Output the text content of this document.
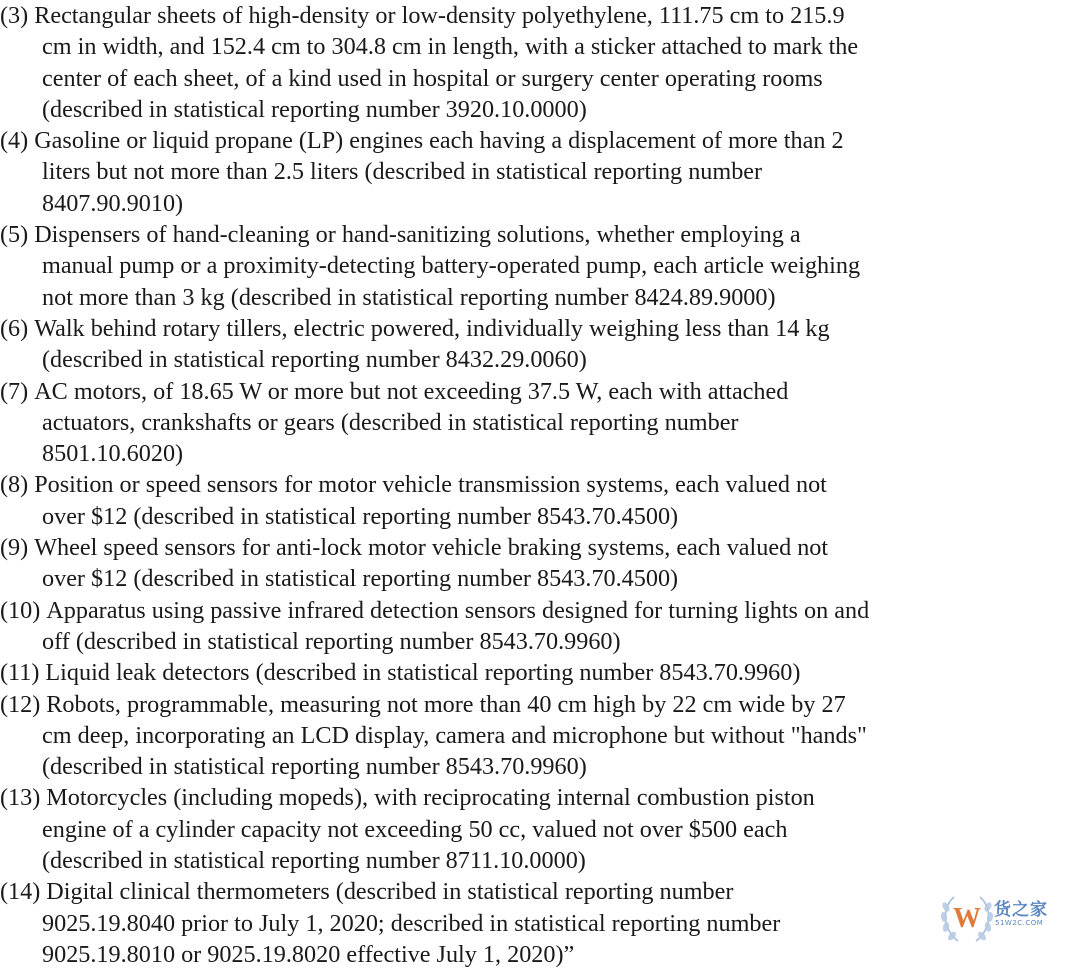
(3) Rectangular sheets of high-density or low-density polyethylene, 111.75 cm to 215.9
cm in width, and 152.4 cm to 304.8 cm in length, with a sticker attached to mark the
center of each sheet, of a kind used in hospital or surgery center operating rooms
(described in statistical reporting number 3920.10.0000)
(4) Gasoline or liquid propane (LP) engines each having a displacement of more than 2
liters but not more than 2.5 liters (described in statistical reporting number
8407.90.9010)
(5) Dispensers of hand-cleaning or hand-sanitizing solutions, whether employing a
manual pump or a proximity-detecting battery-operated pump, each article weighing
not more than 3 kg (described in statistical reporting number 8424.89.9000)
(6) Walk behind rotary tillers, electric powered, individually weighing less than 14 kg
(described in statistical reporting number 8432.29.0060)
(7) AC motors, of 18.65 W or more but not exceeding 37.5 W, each with attached
actuators, crankshafts or gears (described in statistical reporting number
8501.10.6020)
(8) Position or speed sensors for motor vehicle transmission systems, each valued not
over $12 (described in statistical reporting number 8543.70.4500)
(9) Wheel speed sensors for anti-lock motor vehicle braking systems, each valued not
over $12 (described in statistical reporting number 8543.70.4500)
(10) Apparatus using passive infrared detection sensors designed for turning lights on and
off (described in statistical reporting number 8543.70.9960)
(11) Liquid leak detectors (described in statistical reporting number 8543.70.9960)
(12) Robots, programmable, measuring not more than 40 cm high by 22 cm wide by 27
cm deep, incorporating an LCD display, camera and microphone but without "hands"
(described in statistical reporting number 8543.70.9960)
(13) Motorcycles (including mopeds), with reciprocating internal combustion piston
engine of a cylinder capacity not exceeding 50 cc, valued not over $500 each
(described in statistical reporting number 8711.10.0000)
(14) Digital clinical thermometers (described in statistical reporting number
9025.19.8040 prior to July 1, 2020; described in statistical reporting number
9025.19.8010 or 9025.19.8020 effective July 1, 2020)”
W 货之家
51W2C.COM
